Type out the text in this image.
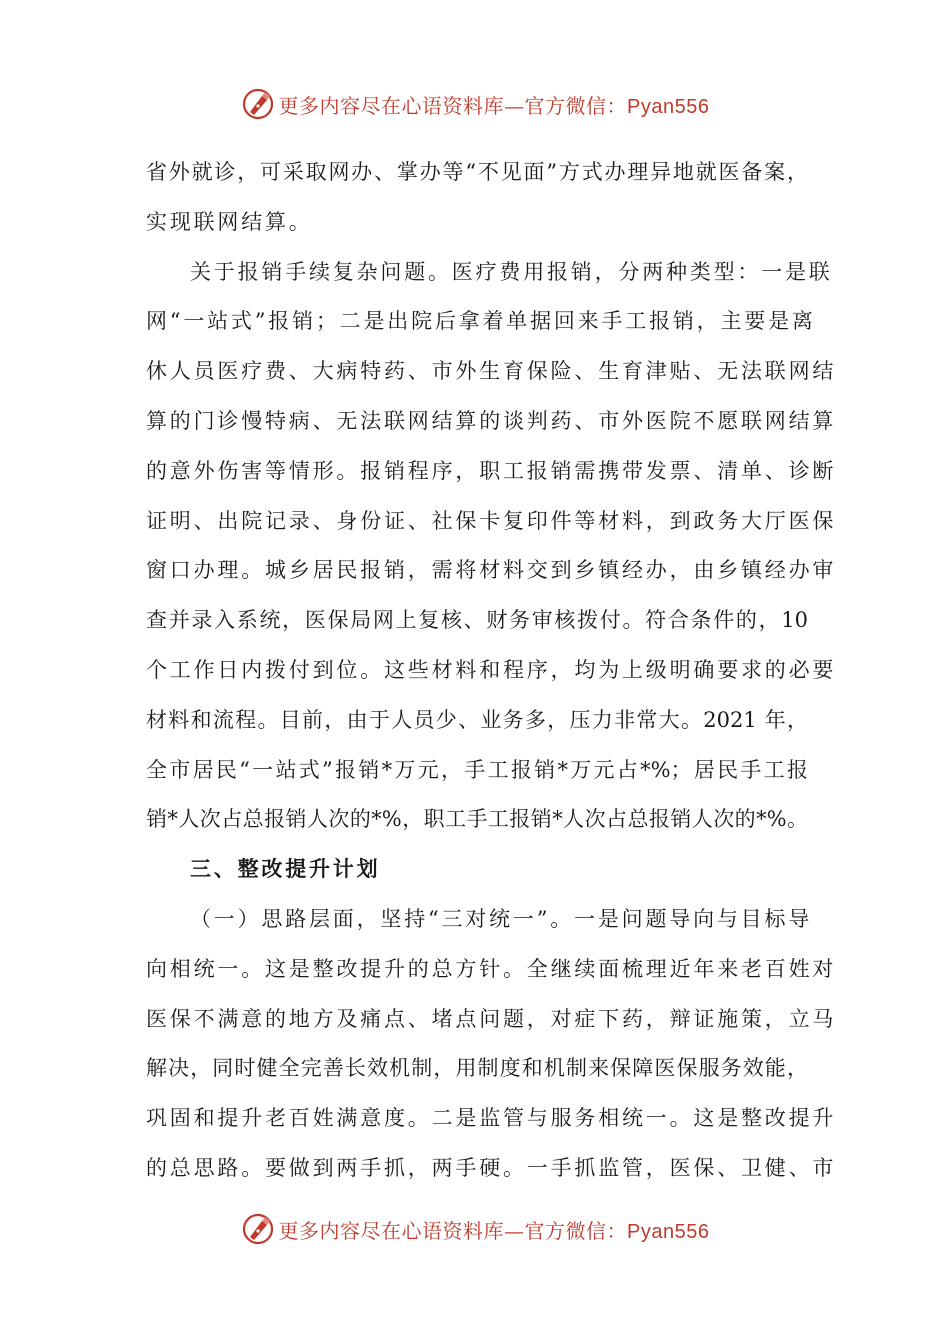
更多内容尽在心语资料库—官方微信：Pyan556
省外就诊，可采取网办、掌办等“不见面”方式办理异地就医备案，
实现联网结算。
关于报销手续复杂问题。医疗费用报销，分两种类型：一是联
网“一站式”报销；二是出院后拿着单据回来手工报销，主要是离
休人员医疗费、大病特药、市外生育保险、生育津贴、无法联网结
算的门诊慢特病、无法联网结算的谈判药、市外医院不愿联网结算
的意外伤害等情形。报销程序，职工报销需携带发票、清单、诊断
证明、出院记录、身份证、社保卡复印件等材料，到政务大厅医保
窗口办理。城乡居民报销，需将材料交到乡镇经办，由乡镇经办审
查并录入系统，医保局网上复核、财务审核拨付。符合条件的，10
个工作日内拨付到位。这些材料和程序，均为上级明确要求的必要
材料和流程。目前，由于人员少、业务多，压力非常大。2021 年，
全市居民“一站式”报销*万元，手工报销*万元占*%；居民手工报
销*人次占总报销人次的*%，职工手工报销*人次占总报销人次的*%。
三、整改提升计划
（一）思路层面，坚持“三对统一”。一是问题导向与目标导
向相统一。这是整改提升的总方针。全继续面梳理近年来老百姓对
医保不满意的地方及痛点、堵点问题，对症下药，辩证施策，立马
解决，同时健全完善长效机制，用制度和机制来保障医保服务效能，
巩固和提升老百姓满意度。二是监管与服务相统一。这是整改提升
的总思路。要做到两手抓，两手硬。一手抓监管，医保、卫健、市
更多内容尽在心语资料库—官方微信：Pyan556
